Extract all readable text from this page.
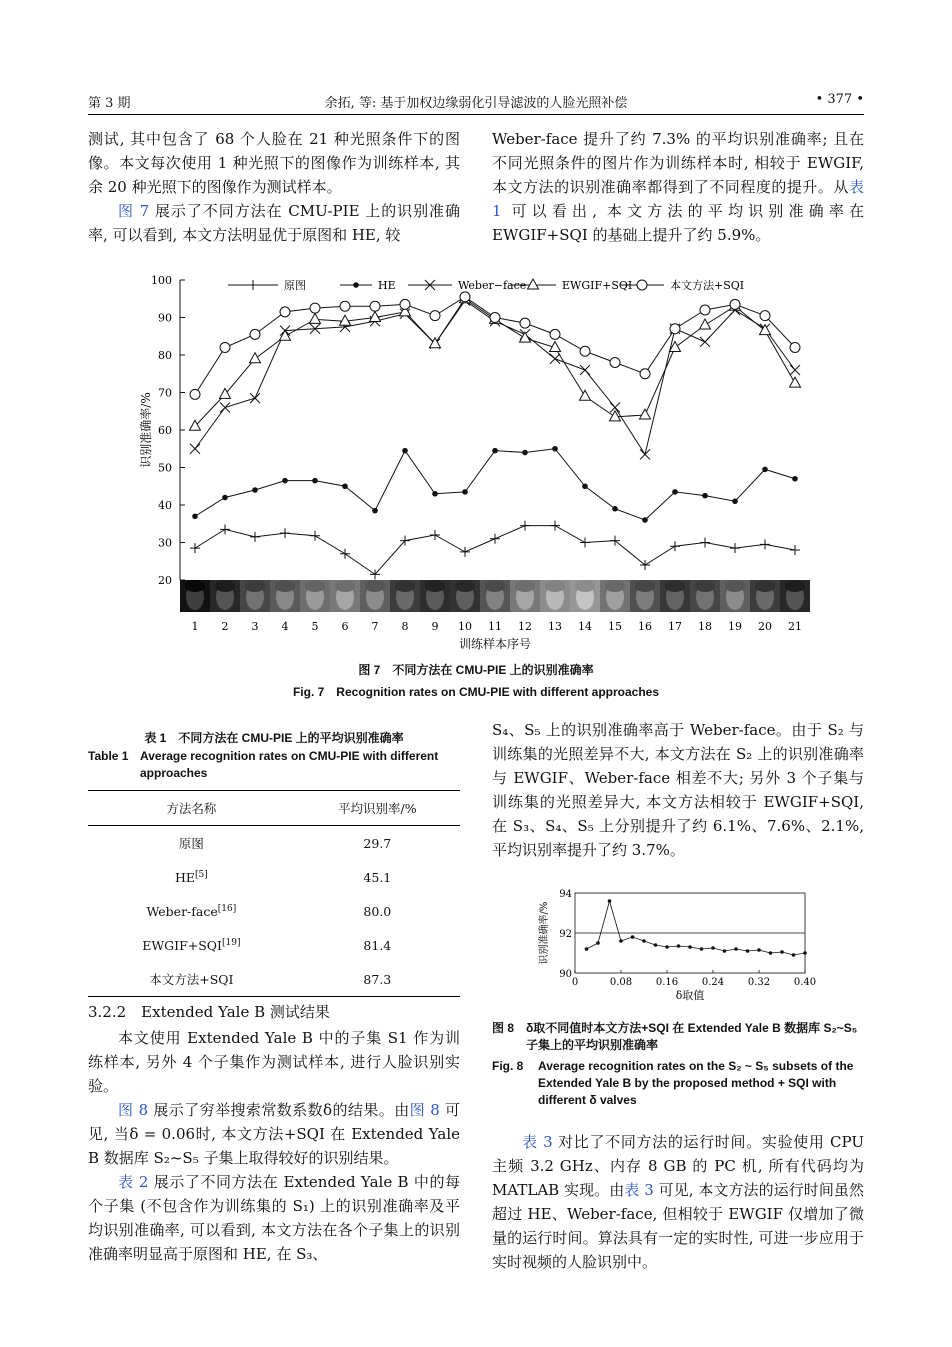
第 3 期	余拓, 等: 基于加权边缘弱化引导滤波的人脸光照补偿	• 377 •

测试, 其中包含了 68 个人脸在 21 种光照条件下的图像。本文每次使用 1 种光照下的图像作为训练样本, 其余 20 种光照下的图像作为测试样本。

图 7 展示了不同方法在 CMU-PIE 上的识别准确率, 可以看到, 本文方法明显优于原图和 HE, 较

Weber-face 提升了约 7.3% 的平均识别准确率; 且在不同光照条件的图片作为训练样本时, 相较于 EWGIF, 本文方法的识别准确率都得到了不同程度的提升。从表 1 可以看出, 本文方法的平均识别准确率在 EWGIF+SQI 的基础上提升了约 5.9%。

20
30
40
50
60
70
80
90
100
识别准确率/%
1 2 3 4 5 6 7 8 9 10 11 12 13 14 15 16 17 18 19 20 21
训练样本序号
原图	HE	Weber−face	EWGIF+SQI	本文方法+SQI
图 7　不同方法在 CMU-PIE 上的识别准确率
Fig. 7　Recognition rates on CMU-PIE with different approaches
表 1　不同方法在 CMU-PIE 上的平均识别准确率
Table 1 Average recognition rates on CMU-PIE with different approaches
方法名称	平均识别率/%
原图	29.7
HE[5]	45.1
Weber-face[16]	80.0
EWGIF+SQI[19]	81.4
本文方法+SQI	87.3

3.2.2　Extended Yale B 测试结果

本文使用 Extended Yale B 中的子集 S1 作为训练样本, 另外 4 个子集作为测试样本, 进行人脸识别实验。

图 8 展示了穷举搜索常数系数δ的结果。由图 8 可见, 当δ = 0.06时, 本文方法+SQI 在 Extended Yale B 数据库 S₂~S₅ 子集上取得较好的识别结果。

表 2 展示了不同方法在 Extended Yale B 中的每个子集 (不包含作为训练集的 S₁) 上的识别准确率及平均识别准确率, 可以看到, 本文方法在各个子集上的识别准确率明显高于原图和 HE, 在 S₃、

S₄、S₅ 上的识别准确率高于 Weber-face。由于 S₂ 与训练集的光照差异不大, 本文方法在 S₂ 上的识别准确率与 EWGIF、Weber-face 相差不大; 另外 3 个子集与训练集的光照差异大, 本文方法相较于 EWGIF+SQI, 在 S₃、S₄、S₅ 上分别提升了约 6.1%、7.6%、2.1%, 平均识别率提升了约 3.7%。

90
92
94
0	0.08 0.16 0.24 0.32 0.40
δ取值
识别准确率/%
图 8 δ取不同值时本文方法+SQI 在 Extended Yale B 数据库 S₂~S₅ 子集上的平均识别准确率
Fig. 8 Average recognition rates on the S₂ ~ S₅ subsets of the Extended Yale B by the proposed method + SQI with different δ valves

表 3 对比了不同方法的运行时间。实验使用 CPU 主频 3.2 GHz、内存 8 GB 的 PC 机, 所有代码均为 MATLAB 实现。由表 3 可见, 本文方法的运行时间虽然超过 HE、Weber-face, 但相较于 EWGIF 仅增加了微量的运行时间。算法具有一定的实时性, 可进一步应用于实时视频的人脸识别中。
